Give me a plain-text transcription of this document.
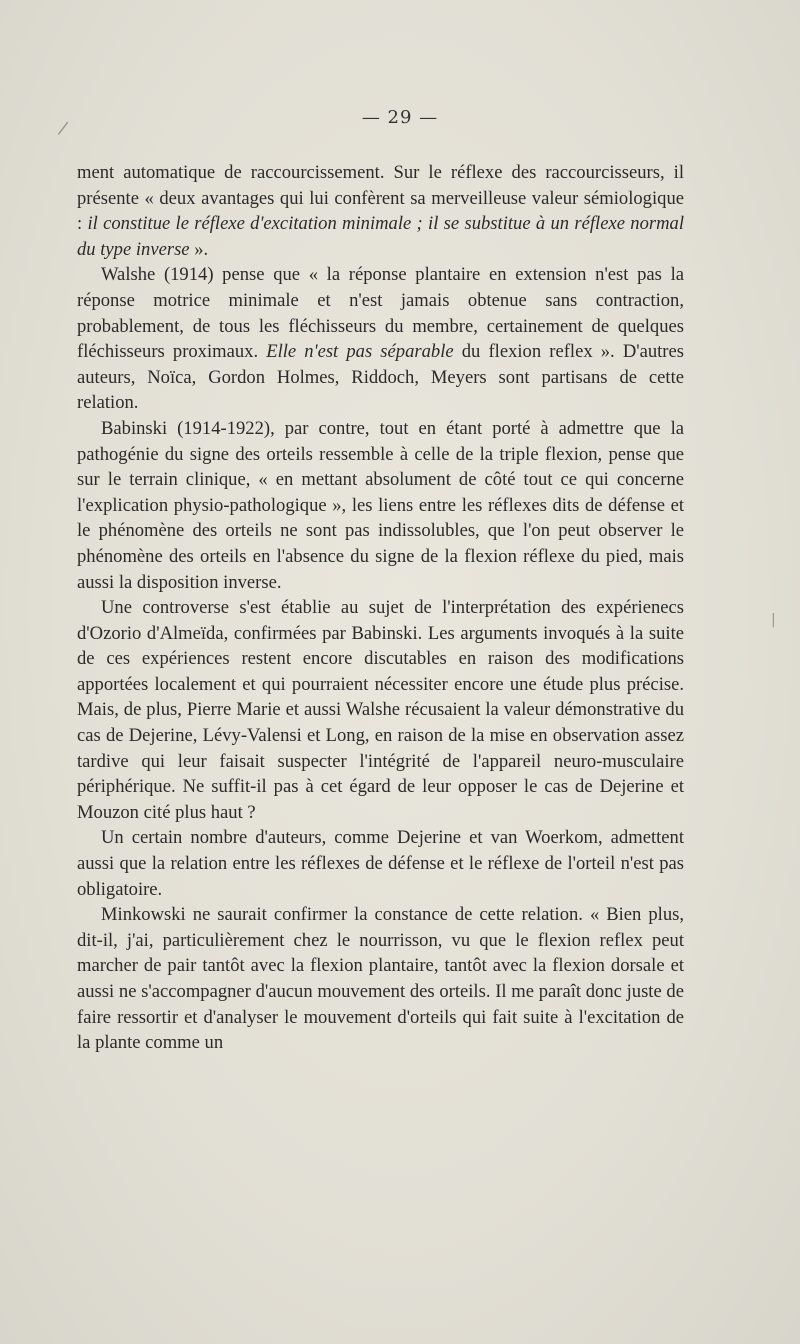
/
|
— 29 —

ment automatique de raccourcissement. Sur le réflexe des raccourcisseurs, il présente « deux avantages qui lui confèrent sa merveilleuse valeur sémiologique : il constitue le réflexe d'excitation minimale ; il se substitue à un réflexe normal du type inverse ».

Walshe (1914) pense que « la réponse plantaire en extension n'est pas la réponse motrice minimale et n'est jamais obtenue sans contraction, probablement, de tous les fléchisseurs du membre, certainement de quelques fléchisseurs proximaux. Elle n'est pas séparable du flexion reflex ». D'autres auteurs, Noïca, Gordon Holmes, Riddoch, Meyers sont partisans de cette relation.

Babinski (1914-1922), par contre, tout en étant porté à admettre que la pathogénie du signe des orteils ressemble à celle de la triple flexion, pense que sur le terrain clinique, « en mettant absolument de côté tout ce qui concerne l'explication physio-pathologique », les liens entre les réflexes dits de défense et le phénomène des orteils ne sont pas indissolubles, que l'on peut observer le phénomène des orteils en l'absence du signe de la flexion réflexe du pied, mais aussi la disposition inverse.

Une controverse s'est établie au sujet de l'interprétation des expérienecs d'Ozorio d'Almeïda, confirmées par Babinski. Les arguments invoqués à la suite de ces expériences restent encore discutables en raison des modifications apportées localement et qui pourraient nécessiter encore une étude plus précise. Mais, de plus, Pierre Marie et aussi Walshe récusaient la valeur démonstrative du cas de Dejerine, Lévy-Valensi et Long, en raison de la mise en observation assez tardive qui leur faisait suspecter l'intégrité de l'appareil neuro-musculaire périphérique. Ne suffit-il pas à cet égard de leur opposer le cas de Dejerine et Mouzon cité plus haut ?

Un certain nombre d'auteurs, comme Dejerine et van Woerkom, admettent aussi que la relation entre les réflexes de défense et le réflexe de l'orteil n'est pas obligatoire.

Minkowski ne saurait confirmer la constance de cette relation. « Bien plus, dit-il, j'ai, particulièrement chez le nourrisson, vu que le flexion reflex peut marcher de pair tantôt avec la flexion plantaire, tantôt avec la flexion dorsale et aussi ne s'accompagner d'aucun mouvement des orteils. Il me paraît donc juste de faire ressortir et d'analyser le mouvement d'orteils qui fait suite à l'excitation de la plante comme un
